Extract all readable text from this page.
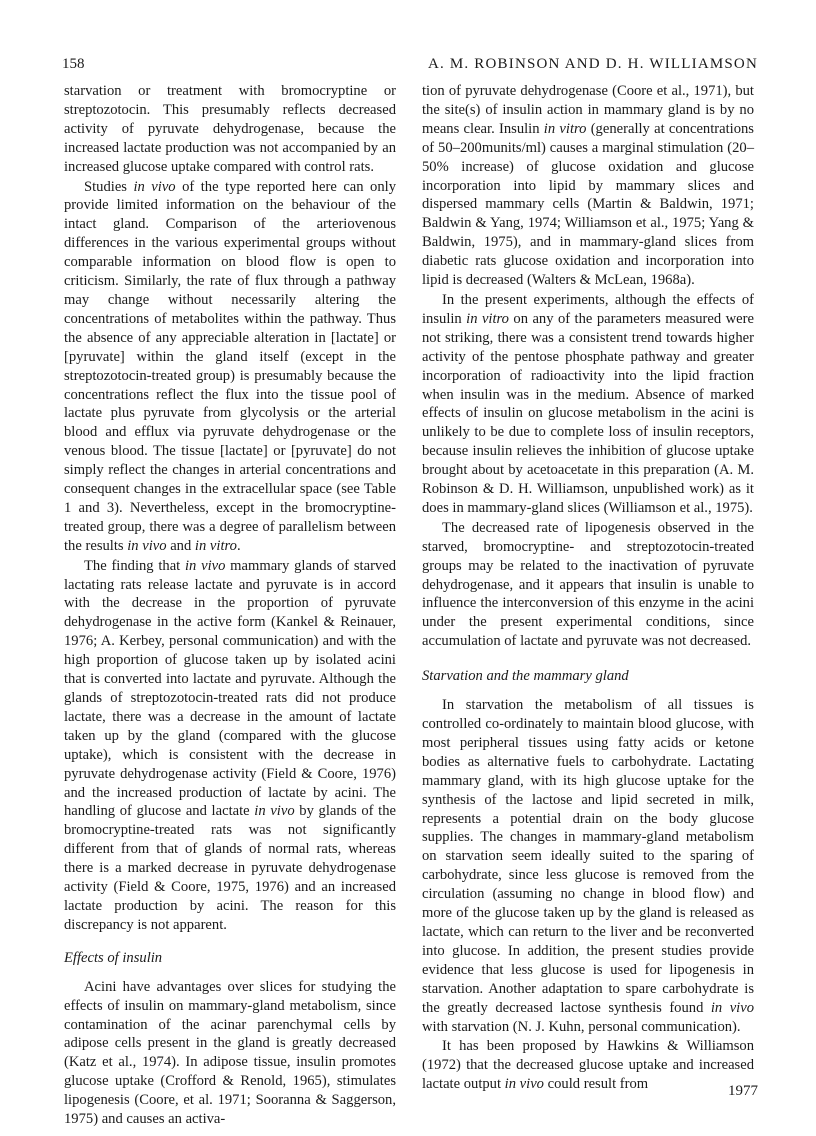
158	A. M. ROBINSON AND D. H. WILLIAMSON

starvation or treatment with bromocryptine or streptozotocin. This presumably reflects decreased activity of pyruvate dehydrogenase, because the increased lactate production was not accompanied by an increased glucose uptake compared with control rats.

Studies in vivo of the type reported here can only provide limited information on the behaviour of the intact gland. Comparison of the arteriovenous differences in the various experimental groups without comparable information on blood flow is open to criticism. Similarly, the rate of flux through a pathway may change without necessarily altering the concentrations of metabolites within the pathway. Thus the absence of any appreciable alteration in [lactate] or [pyruvate] within the gland itself (except in the streptozotocin-treated group) is presumably because the concentrations reflect the flux into the tissue pool of lactate plus pyruvate from glycolysis or the arterial blood and efflux via pyruvate dehydrogenase or the venous blood. The tissue [lactate] or [pyruvate] do not simply reflect the changes in arterial concentrations and consequent changes in the extracellular space (see Table 1 and 3). Nevertheless, except in the bromocryptine-treated group, there was a degree of parallelism between the results in vivo and in vitro.

The finding that in vivo mammary glands of starved lactating rats release lactate and pyruvate is in accord with the decrease in the proportion of pyruvate dehydrogenase in the active form (Kankel & Reinauer, 1976; A. Kerbey, personal communication) and with the high proportion of glucose taken up by isolated acini that is converted into lactate and pyruvate. Although the glands of streptozotocin-treated rats did not produce lactate, there was a decrease in the amount of lactate taken up by the gland (compared with the glucose uptake), which is consistent with the decrease in pyruvate dehydrogenase activity (Field & Coore, 1976) and the increased production of lactate by acini. The handling of glucose and lactate in vivo by glands of the bromocryptine-treated rats was not significantly different from that of glands of normal rats, whereas there is a marked decrease in pyruvate dehydrogenase activity (Field & Coore, 1975, 1976) and an increased lactate production by acini. The reason for this discrepancy is not apparent.

Effects of insulin

Acini have advantages over slices for studying the effects of insulin on mammary-gland metabolism, since contamination of the acinar parenchymal cells by adipose cells present in the gland is greatly decreased (Katz et al., 1974). In adipose tissue, insulin promotes glucose uptake (Crofford & Renold, 1965), stimulates lipogenesis (Coore, et al. 1971; Sooranna & Saggerson, 1975) and causes an activa-

tion of pyruvate dehydrogenase (Coore et al., 1971), but the site(s) of insulin action in mammary gland is by no means clear. Insulin in vitro (generally at concentrations of 50–200munits/ml) causes a marginal stimulation (20–50% increase) of glucose oxidation and glucose incorporation into lipid by mammary slices and dispersed mammary cells (Martin & Baldwin, 1971; Baldwin & Yang, 1974; Williamson et al., 1975; Yang & Baldwin, 1975), and in mammary-gland slices from diabetic rats glucose oxidation and incorporation into lipid is decreased (Walters & McLean, 1968a).

In the present experiments, although the effects of insulin in vitro on any of the parameters measured were not striking, there was a consistent trend towards higher activity of the pentose phosphate pathway and greater incorporation of radioactivity into the lipid fraction when insulin was in the medium. Absence of marked effects of insulin on glucose metabolism in the acini is unlikely to be due to complete loss of insulin receptors, because insulin relieves the inhibition of glucose uptake brought about by acetoacetate in this preparation (A. M. Robinson & D. H. Williamson, unpublished work) as it does in mammary-gland slices (Williamson et al., 1975).

The decreased rate of lipogenesis observed in the starved, bromocryptine- and streptozotocin-treated groups may be related to the inactivation of pyruvate dehydrogenase, and it appears that insulin is unable to influence the interconversion of this enzyme in the acini under the present experimental conditions, since accumulation of lactate and pyruvate was not decreased.

Starvation and the mammary gland

In starvation the metabolism of all tissues is controlled co-ordinately to maintain blood glucose, with most peripheral tissues using fatty acids or ketone bodies as alternative fuels to carbohydrate. Lactating mammary gland, with its high glucose uptake for the synthesis of the lactose and lipid secreted in milk, represents a potential drain on the body glucose supplies. The changes in mammary-gland metabolism on starvation seem ideally suited to the sparing of carbohydrate, since less glucose is removed from the circulation (assuming no change in blood flow) and more of the glucose taken up by the gland is released as lactate, which can return to the liver and be reconverted into glucose. In addition, the present studies provide evidence that less glucose is used for lipogenesis in starvation. Another adaptation to spare carbohydrate is the greatly decreased lactose synthesis found in vivo with starvation (N. J. Kuhn, personal communication).

It has been proposed by Hawkins & Williamson (1972) that the decreased glucose uptake and increased lactate output in vivo could result from	1977
